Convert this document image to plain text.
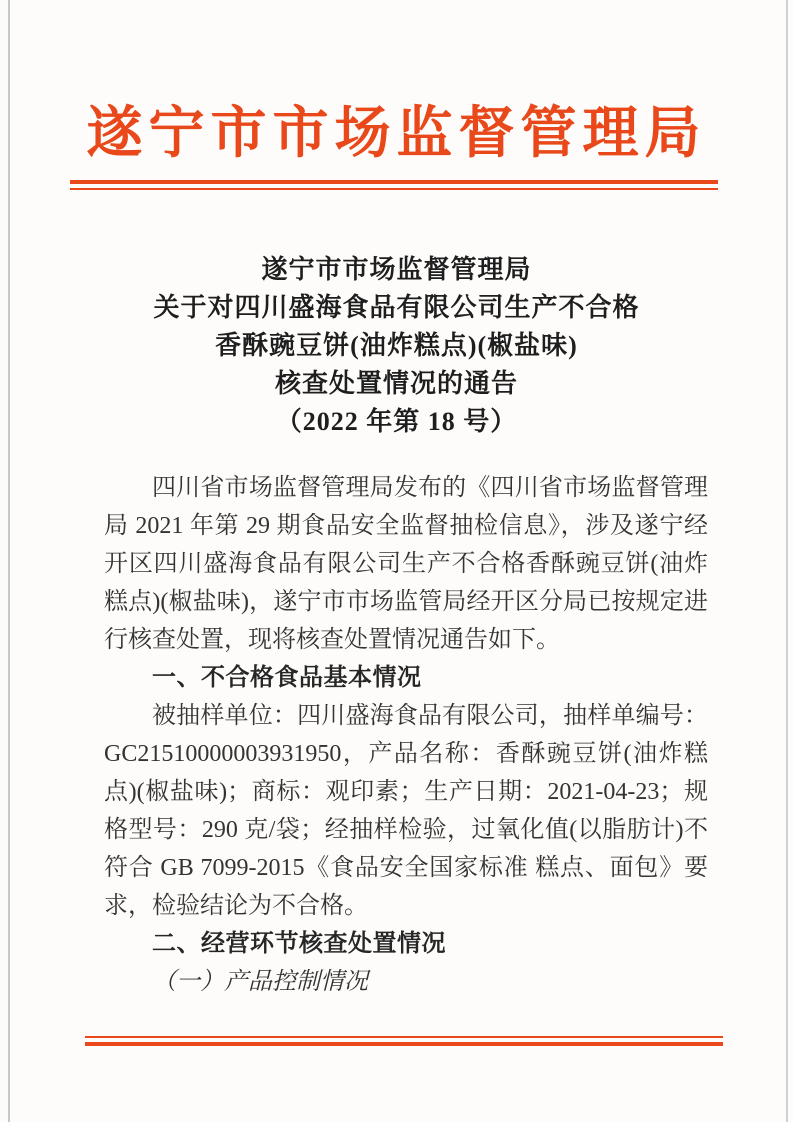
遂宁市市场监督管理局
遂宁市市场监督管理局
关于对四川盛海食品有限公司生产不合格
香酥豌豆饼(油炸糕点)(椒盐味)
核查处置情况的通告
（2022 年第 18 号）

四川省市场监督管理局发布的《四川省市场监督管理局 2021 年第 29 期食品安全监督抽检信息》，涉及遂宁经开区四川盛海食品有限公司生产不合格香酥豌豆饼(油炸糕点)(椒盐味)，遂宁市市场监管局经开区分局已按规定进行核查处置，现将核查处置情况通告如下。

一、不合格食品基本情况

被抽样单位：四川盛海食品有限公司，抽样单编号：GC21510000003931950，产品名称：香酥豌豆饼(油炸糕点)(椒盐味)；商标：观印素；生产日期：2021-04-23；规格型号：290 克/袋；经抽样检验，过氧化值(以脂肪计)不符合 GB 7099-2015《食品安全国家标准 糕点、面包》要求，检验结论为不合格。

二、经营环节核查处置情况

（一）产品控制情况
